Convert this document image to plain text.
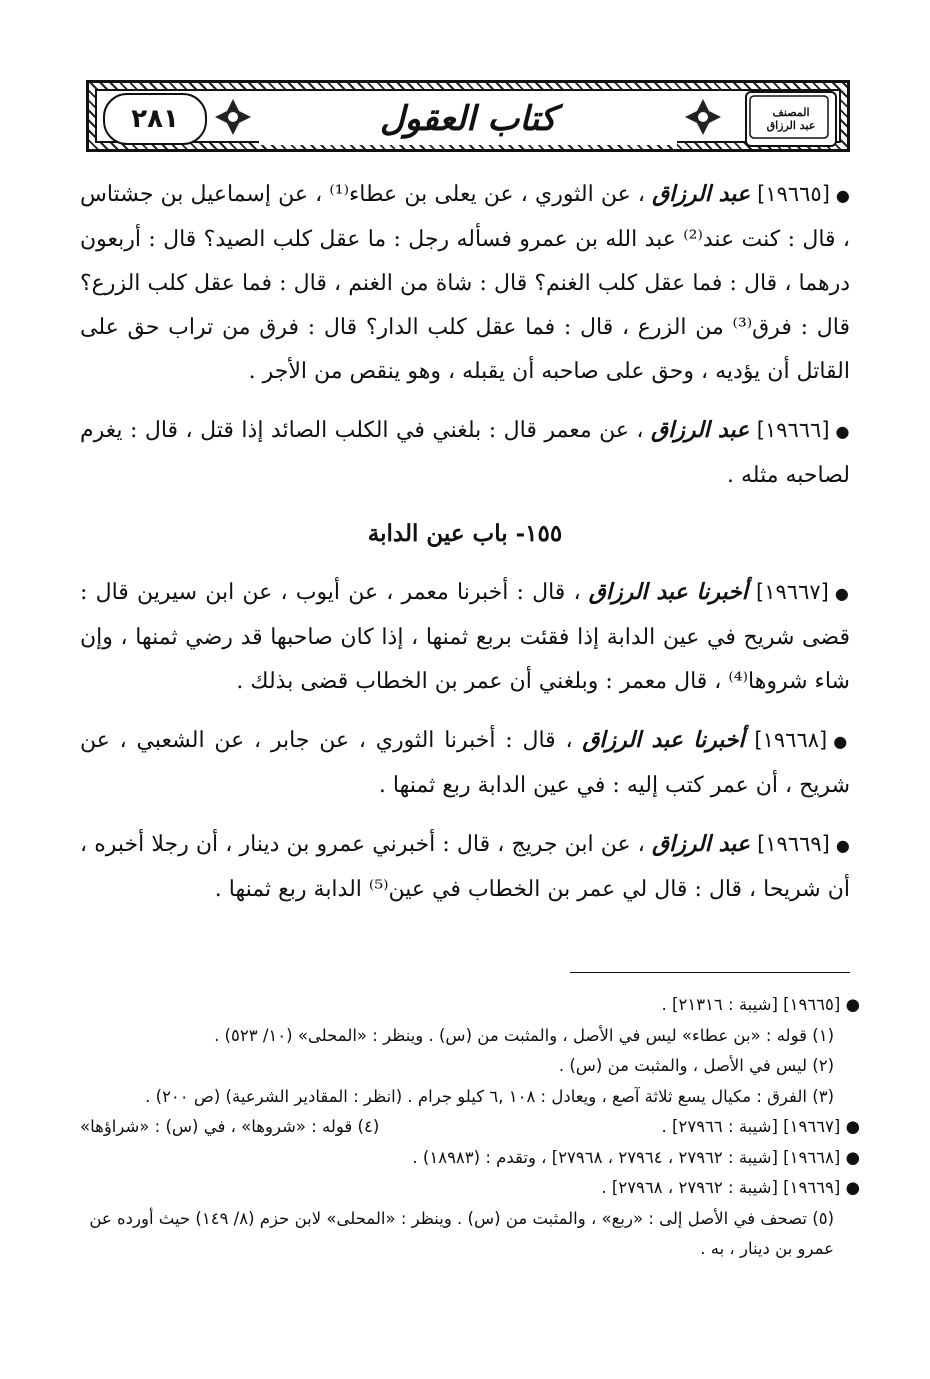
كتاب العقول
٢٨١	المصنف
عبد الرزاق

●[١٩٦٦٥] عبد الرزاق ، عن الثوري ، عن يعلى بن عطاء⁽¹⁾ ، عن إسماعيل بن جشتاس ، قال : كنت عند⁽²⁾ عبد الله بن عمرو فسأله رجل : ما عقل كلب الصيد؟ قال : أربعون درهما ، قال : فما عقل كلب الغنم؟ قال : شاة من الغنم ، قال : فما عقل كلب الزرع؟ قال : فرق⁽³⁾ من الزرع ، قال : فما عقل كلب الدار؟ قال : فرق من تراب حق على القاتل أن يؤديه ، وحق على صاحبه أن يقبله ، وهو ينقص من الأجر .

●[١٩٦٦٦] عبد الرزاق ، عن معمر قال : بلغني في الكلب الصائد إذا قتل ، قال : يغرم لصاحبه مثله .

١٥٥- باب عين الدابة

●[١٩٦٦٧] أخبرنا عبد الرزاق ، قال : أخبرنا معمر ، عن أيوب ، عن ابن سيرين قال : قضى شريح في عين الدابة إذا فقئت بربع ثمنها ، إذا كان صاحبها قد رضي ثمنها ، وإن شاء شروها⁽⁴⁾ ، قال معمر : وبلغني أن عمر بن الخطاب قضى بذلك .

●[١٩٦٦٨] أخبرنا عبد الرزاق ، قال : أخبرنا الثوري ، عن جابر ، عن الشعبي ، عن شريح ، أن عمر كتب إليه : في عين الدابة ربع ثمنها .

●[١٩٦٦٩] عبد الرزاق ، عن ابن جريج ، قال : أخبرني عمرو بن دينار ، أن رجلا أخبره ، أن شريحا ، قال : قال لي عمر بن الخطاب في عين⁽⁵⁾ الدابة ربع ثمنها .

● [١٩٦٦٥] [شيبة : ٢١٣١٦] .
(١) قوله : «بن عطاء» ليس في الأصل ، والمثبت من (س) . وينظر : «المحلى» (١٠/ ٥٢٣) .
(٢) ليس في الأصل ، والمثبت من (س) .
(٣) الفرق : مكيال يسع ثلاثة آصع ، ويعادل : ١٠٨ ,٦ كيلو جرام . (انظر : المقادير الشرعية) (ص ٢٠٠) .
● [١٩٦٦٧] [شيبة : ٢٧٩٦٦] .
(٤) قوله : «شروها» ، في (س) : «شراؤها»
● [١٩٦٦٨] [شيبة : ٢٧٩٦٢ ، ٢٧٩٦٤ ، ٢٧٩٦٨] ، وتقدم : (١٨٩٨٣) .
● [١٩٦٦٩] [شيبة : ٢٧٩٦٢ ، ٢٧٩٦٨] .
(٥) تصحف في الأصل إلى : «ربع» ، والمثبت من (س) . وينظر : «المحلى» لابن حزم (٨/ ١٤٩) حيث أورده عن عمرو بن دينار ، به .
